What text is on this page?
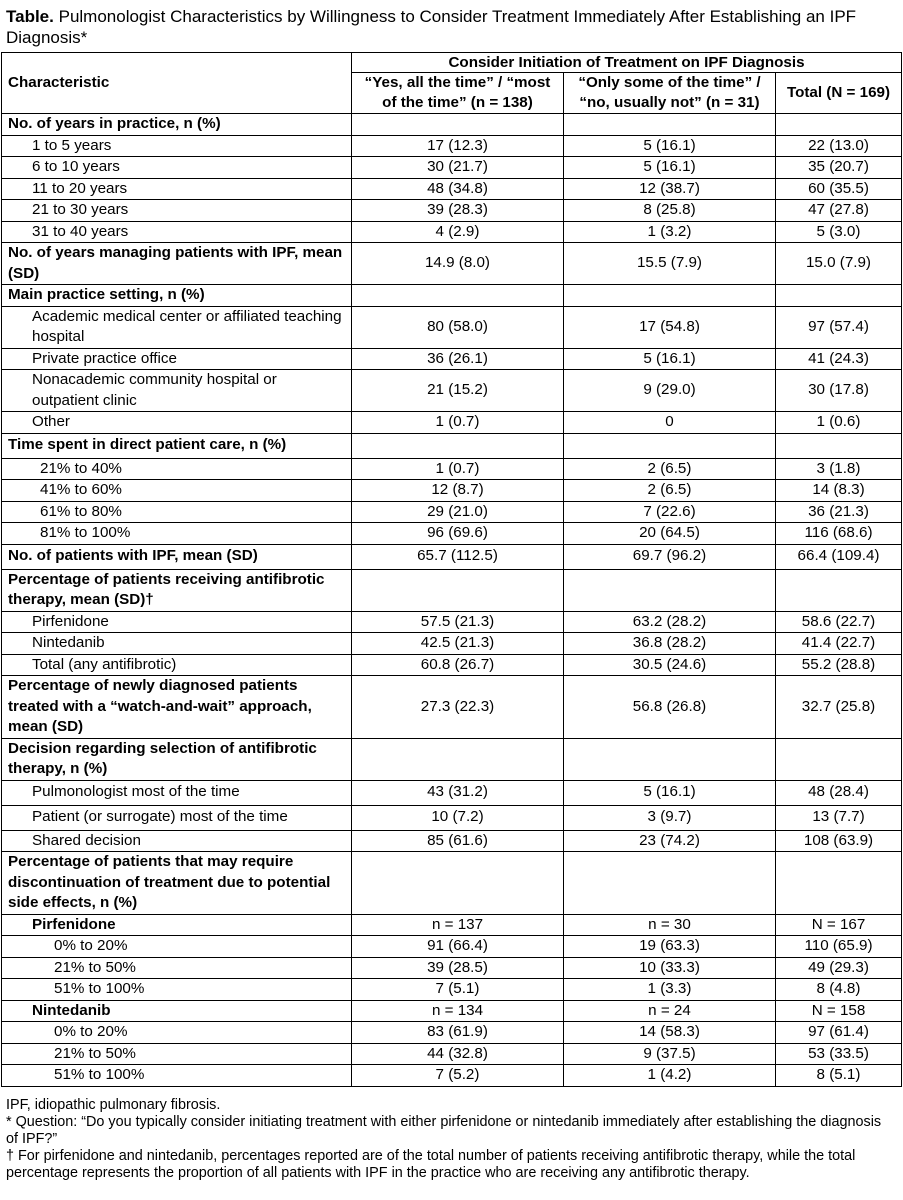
Table. Pulmonologist Characteristics by Willingness to Consider Treatment Immediately After Establishing an IPF Diagnosis*
Characteristic	Consider Initiation of Treatment on IPF Diagnosis		
	“Yes, all the time” / “most of the time” (n = 138)	“Only some of the time” / “no, usually not” (n = 31)	Total (N = 169)
No. of years in practice, n (%)			
1 to 5 years	17 (12.3)	5 (16.1)	22 (13.0)
6 to 10 years	30 (21.7)	5 (16.1)	35 (20.7)
11 to 20 years	48 (34.8)	12 (38.7)	60 (35.5)
21 to 30 years	39 (28.3)	8 (25.8)	47 (27.8)
31 to 40 years	4 (2.9)	1 (3.2)	5 (3.0)
No. of years managing patients with IPF, mean (SD)	14.9 (8.0)	15.5 (7.9)	15.0 (7.9)
Main practice setting, n (%)			
Academic medical center or affiliated teaching hospital	80 (58.0)	17 (54.8)	97 (57.4)
Private practice office	36 (26.1)	5 (16.1)	41 (24.3)
Nonacademic community hospital or outpatient clinic	21 (15.2)	9 (29.0)	30 (17.8)
Other	1 (0.7)	0	1 (0.6)
Time spent in direct patient care, n (%)			
21% to 40%	1 (0.7)	2 (6.5)	3 (1.8)
41% to 60%	12 (8.7)	2 (6.5)	14 (8.3)
61% to 80%	29 (21.0)	7 (22.6)	36 (21.3)
81% to 100%	96 (69.6)	20 (64.5)	116 (68.6)
No. of patients with IPF, mean (SD)	65.7 (112.5)	69.7 (96.2)	66.4 (109.4)
Percentage of patients receiving antifibrotic therapy, mean (SD)†			
Pirfenidone	57.5 (21.3)	63.2 (28.2)	58.6 (22.7)
Nintedanib	42.5 (21.3)	36.8 (28.2)	41.4 (22.7)
Total (any antifibrotic)	60.8 (26.7)	30.5 (24.6)	55.2 (28.8)
Percentage of newly diagnosed patients treated with a “watch-and-wait” approach, mean (SD)	27.3 (22.3)	56.8 (26.8)	32.7 (25.8)
Decision regarding selection of antifibrotic therapy, n (%)			
Pulmonologist most of the time	43 (31.2)	5 (16.1)	48 (28.4)
Patient (or surrogate) most of the time	10 (7.2)	3 (9.7)	13 (7.7)
Shared decision	85 (61.6)	23 (74.2)	108 (63.9)
Percentage of patients that may require discontinuation of treatment due to potential side effects, n (%)			
Pirfenidone	n = 137	n = 30	N = 167
0% to 20%	91 (66.4)	19 (63.3)	110 (65.9)
21% to 50%	39 (28.5)	10 (33.3)	49 (29.3)
51% to 100%	7 (5.1)	1 (3.3)	8 (4.8)
Nintedanib	n = 134	n = 24	N = 158
0% to 20%	83 (61.9)	14 (58.3)	97 (61.4)
21% to 50%	44 (32.8)	9 (37.5)	53 (33.5)
51% to 100%	7 (5.2)	1 (4.2)	8 (5.1)

IPF, idiopathic pulmonary fibrosis.

* Question: “Do you typically consider initiating treatment with either pirfenidone or nintedanib immediately after establishing the diagnosis of IPF?”

† For pirfenidone and nintedanib, percentages reported are of the total number of patients receiving antifibrotic therapy, while the total percentage represents the proportion of all patients with IPF in the practice who are receiving any antifibrotic therapy.
